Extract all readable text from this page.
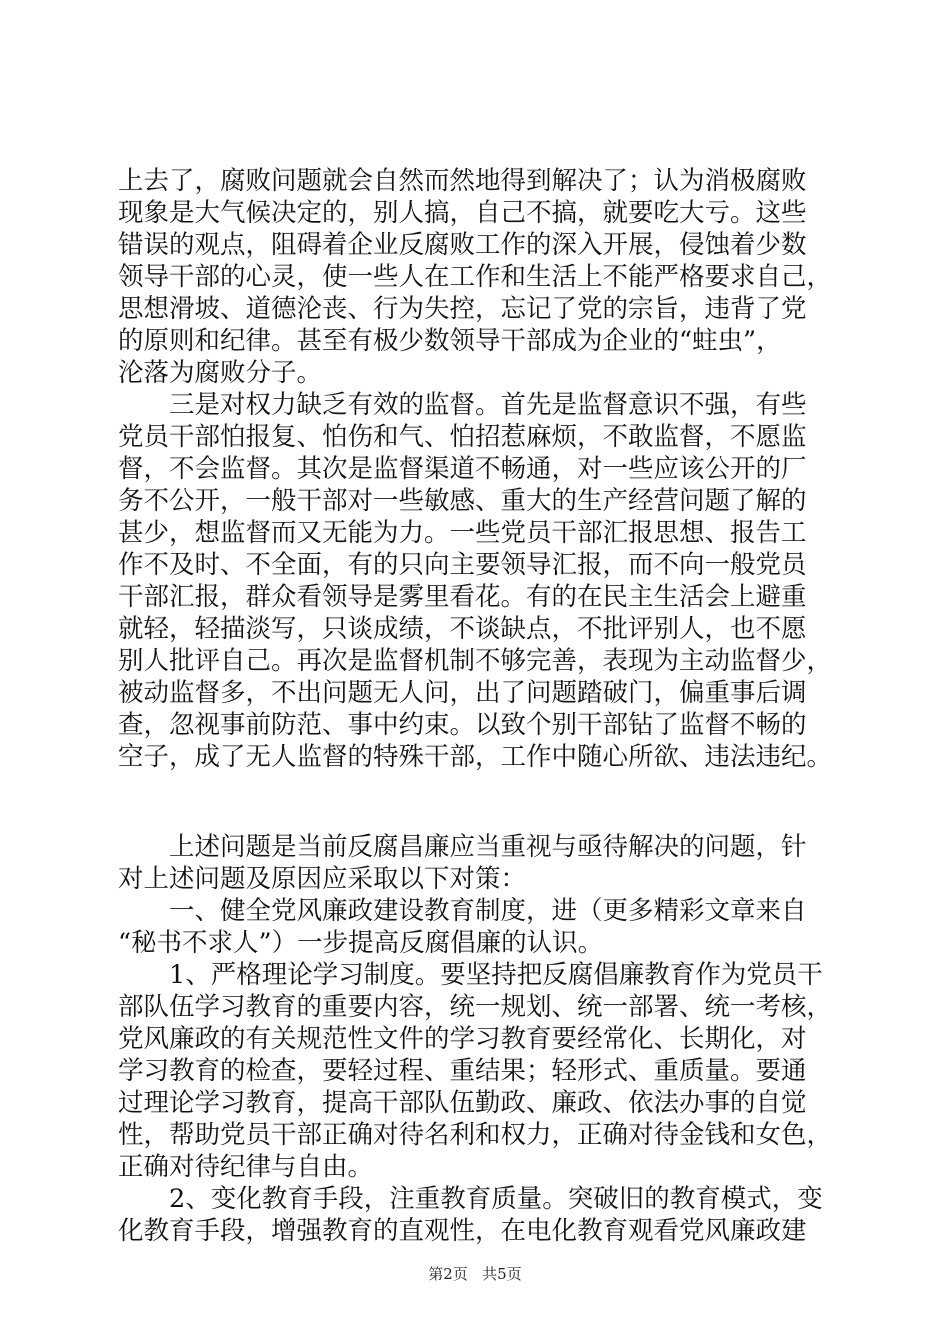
上去了，腐败问题就会自然而然地得到解决了；认为消极腐败
现象是大气候决定的，别人搞，自己不搞，就要吃大亏。这些
错误的观点，阻碍着企业反腐败工作的深入开展，侵蚀着少数
领导干部的心灵，使一些人在工作和生活上不能严格要求自己，
思想滑坡、道德沦丧、行为失控，忘记了党的宗旨，违背了党
的原则和纪律。甚至有极少数领导干部成为企业的“蛀虫”，
沦落为腐败分子。
　　三是对权力缺乏有效的监督。首先是监督意识不强，有些
党员干部怕报复、怕伤和气、怕招惹麻烦，不敢监督，不愿监
督，不会监督。其次是监督渠道不畅通，对一些应该公开的厂
务不公开，一般干部对一些敏感、重大的生产经营问题了解的
甚少，想监督而又无能为力。一些党员干部汇报思想、报告工
作不及时、不全面，有的只向主要领导汇报，而不向一般党员
干部汇报，群众看领导是雾里看花。有的在民主生活会上避重
就轻，轻描淡写，只谈成绩，不谈缺点，不批评别人，也不愿
别人批评自己。再次是监督机制不够完善，表现为主动监督少，
被动监督多，不出问题无人问，出了问题踏破门，偏重事后调
查，忽视事前防范、事中约束。以致个别干部钻了监督不畅的
空子，成了无人监督的特殊干部，工作中随心所欲、违法违纪。
　　上述问题是当前反腐昌廉应当重视与亟待解决的问题，针
对上述问题及原因应采取以下对策：
　　一、健全党风廉政建设教育制度，进（更多精彩文章来自
“秘书不求人”）一步提高反腐倡廉的认识。
　　1、严格理论学习制度。要坚持把反腐倡廉教育作为党员干
部队伍学习教育的重要内容，统一规划、统一部署、统一考核，
党风廉政的有关规范性文件的学习教育要经常化、长期化，对
学习教育的检查，要轻过程、重结果；轻形式、重质量。要通
过理论学习教育，提高干部队伍勤政、廉政、依法办事的自觉
性，帮助党员干部正确对待名利和权力，正确对待金钱和女色，
正确对待纪律与自由。
　　2、变化教育手段，注重教育质量。突破旧的教育模式，变
化教育手段，增强教育的直观性，在电化教育观看党风廉政建
第2页 共5页
